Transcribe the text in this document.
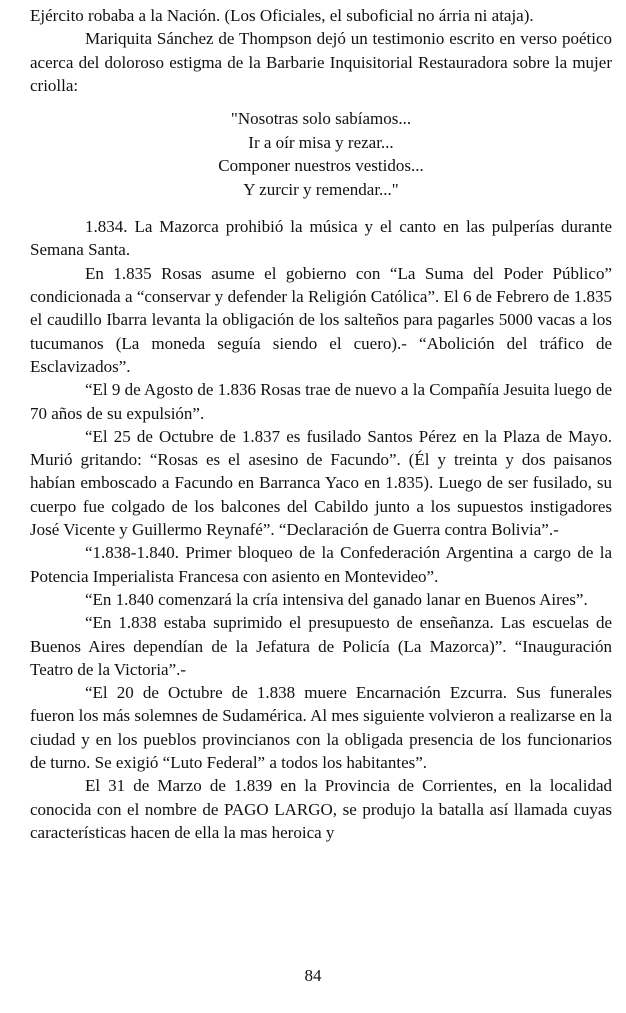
Ejército robaba a la Nación. (Los Oficiales, el suboficial no árria ni ataja).

Mariquita Sánchez de Thompson dejó un testimonio escrito en verso poético acerca del doloroso estigma de la Barbarie Inquisitorial Restauradora sobre la mujer criolla:

"Nosotras solo sabíamos...
Ir a oír misa y rezar...
Componer nuestros vestidos...
Y zurcir y remendar..."

1.834. La Mazorca prohibió la música y el canto en las pulperías durante Semana Santa.

En 1.835 Rosas asume el gobierno con “La Suma del Poder Público” condicionada a “conservar y defender la Religión Católica”. El 6 de Febrero de 1.835 el caudillo Ibarra levanta la obligación de los salteños para pagarles 5000 vacas a los tucumanos (La moneda seguía siendo el cuero).- “Abolición del tráfico de Esclavizados”.

“El 9 de Agosto de 1.836 Rosas trae de nuevo a la Compañía Jesuita luego de 70 años de su expulsión”.

“El 25 de Octubre de 1.837 es fusilado Santos Pérez en la Plaza de Mayo. Murió gritando: “Rosas es el asesino de Facundo”. (Él y treinta y dos paisanos habían emboscado a Facundo en Barranca Yaco en 1.835). Luego de ser fusilado, su cuerpo fue colgado de los balcones del Cabildo junto a los supuestos instigadores José Vicente y Guillermo Reynafé”. “Declaración de Guerra contra Bolivia”.-

“1.838-1.840. Primer bloqueo de la Confederación Argentina a cargo de la Potencia Imperialista Francesa con asiento en Montevideo”.

“En 1.840 comenzará la cría intensiva del ganado lanar en Buenos Aires”.

“En 1.838 estaba suprimido el presupuesto de enseñanza. Las escuelas de Buenos Aires dependían de la Jefatura de Policía (La Mazorca)”. “Inauguración Teatro de la Victoria”.-

“El 20 de Octubre de 1.838 muere Encarnación Ezcurra. Sus funerales fueron los más solemnes de Sudamérica. Al mes siguiente volvieron a realizarse en la ciudad y en los pueblos provincianos con la obligada presencia de los funcionarios de turno. Se exigió “Luto Federal” a todos los habitantes”.

El 31 de Marzo de 1.839 en la Provincia de Corrientes, en la localidad conocida con el nombre de PAGO LARGO, se produjo la batalla así llamada cuyas características hacen de ella la mas heroica y

84
